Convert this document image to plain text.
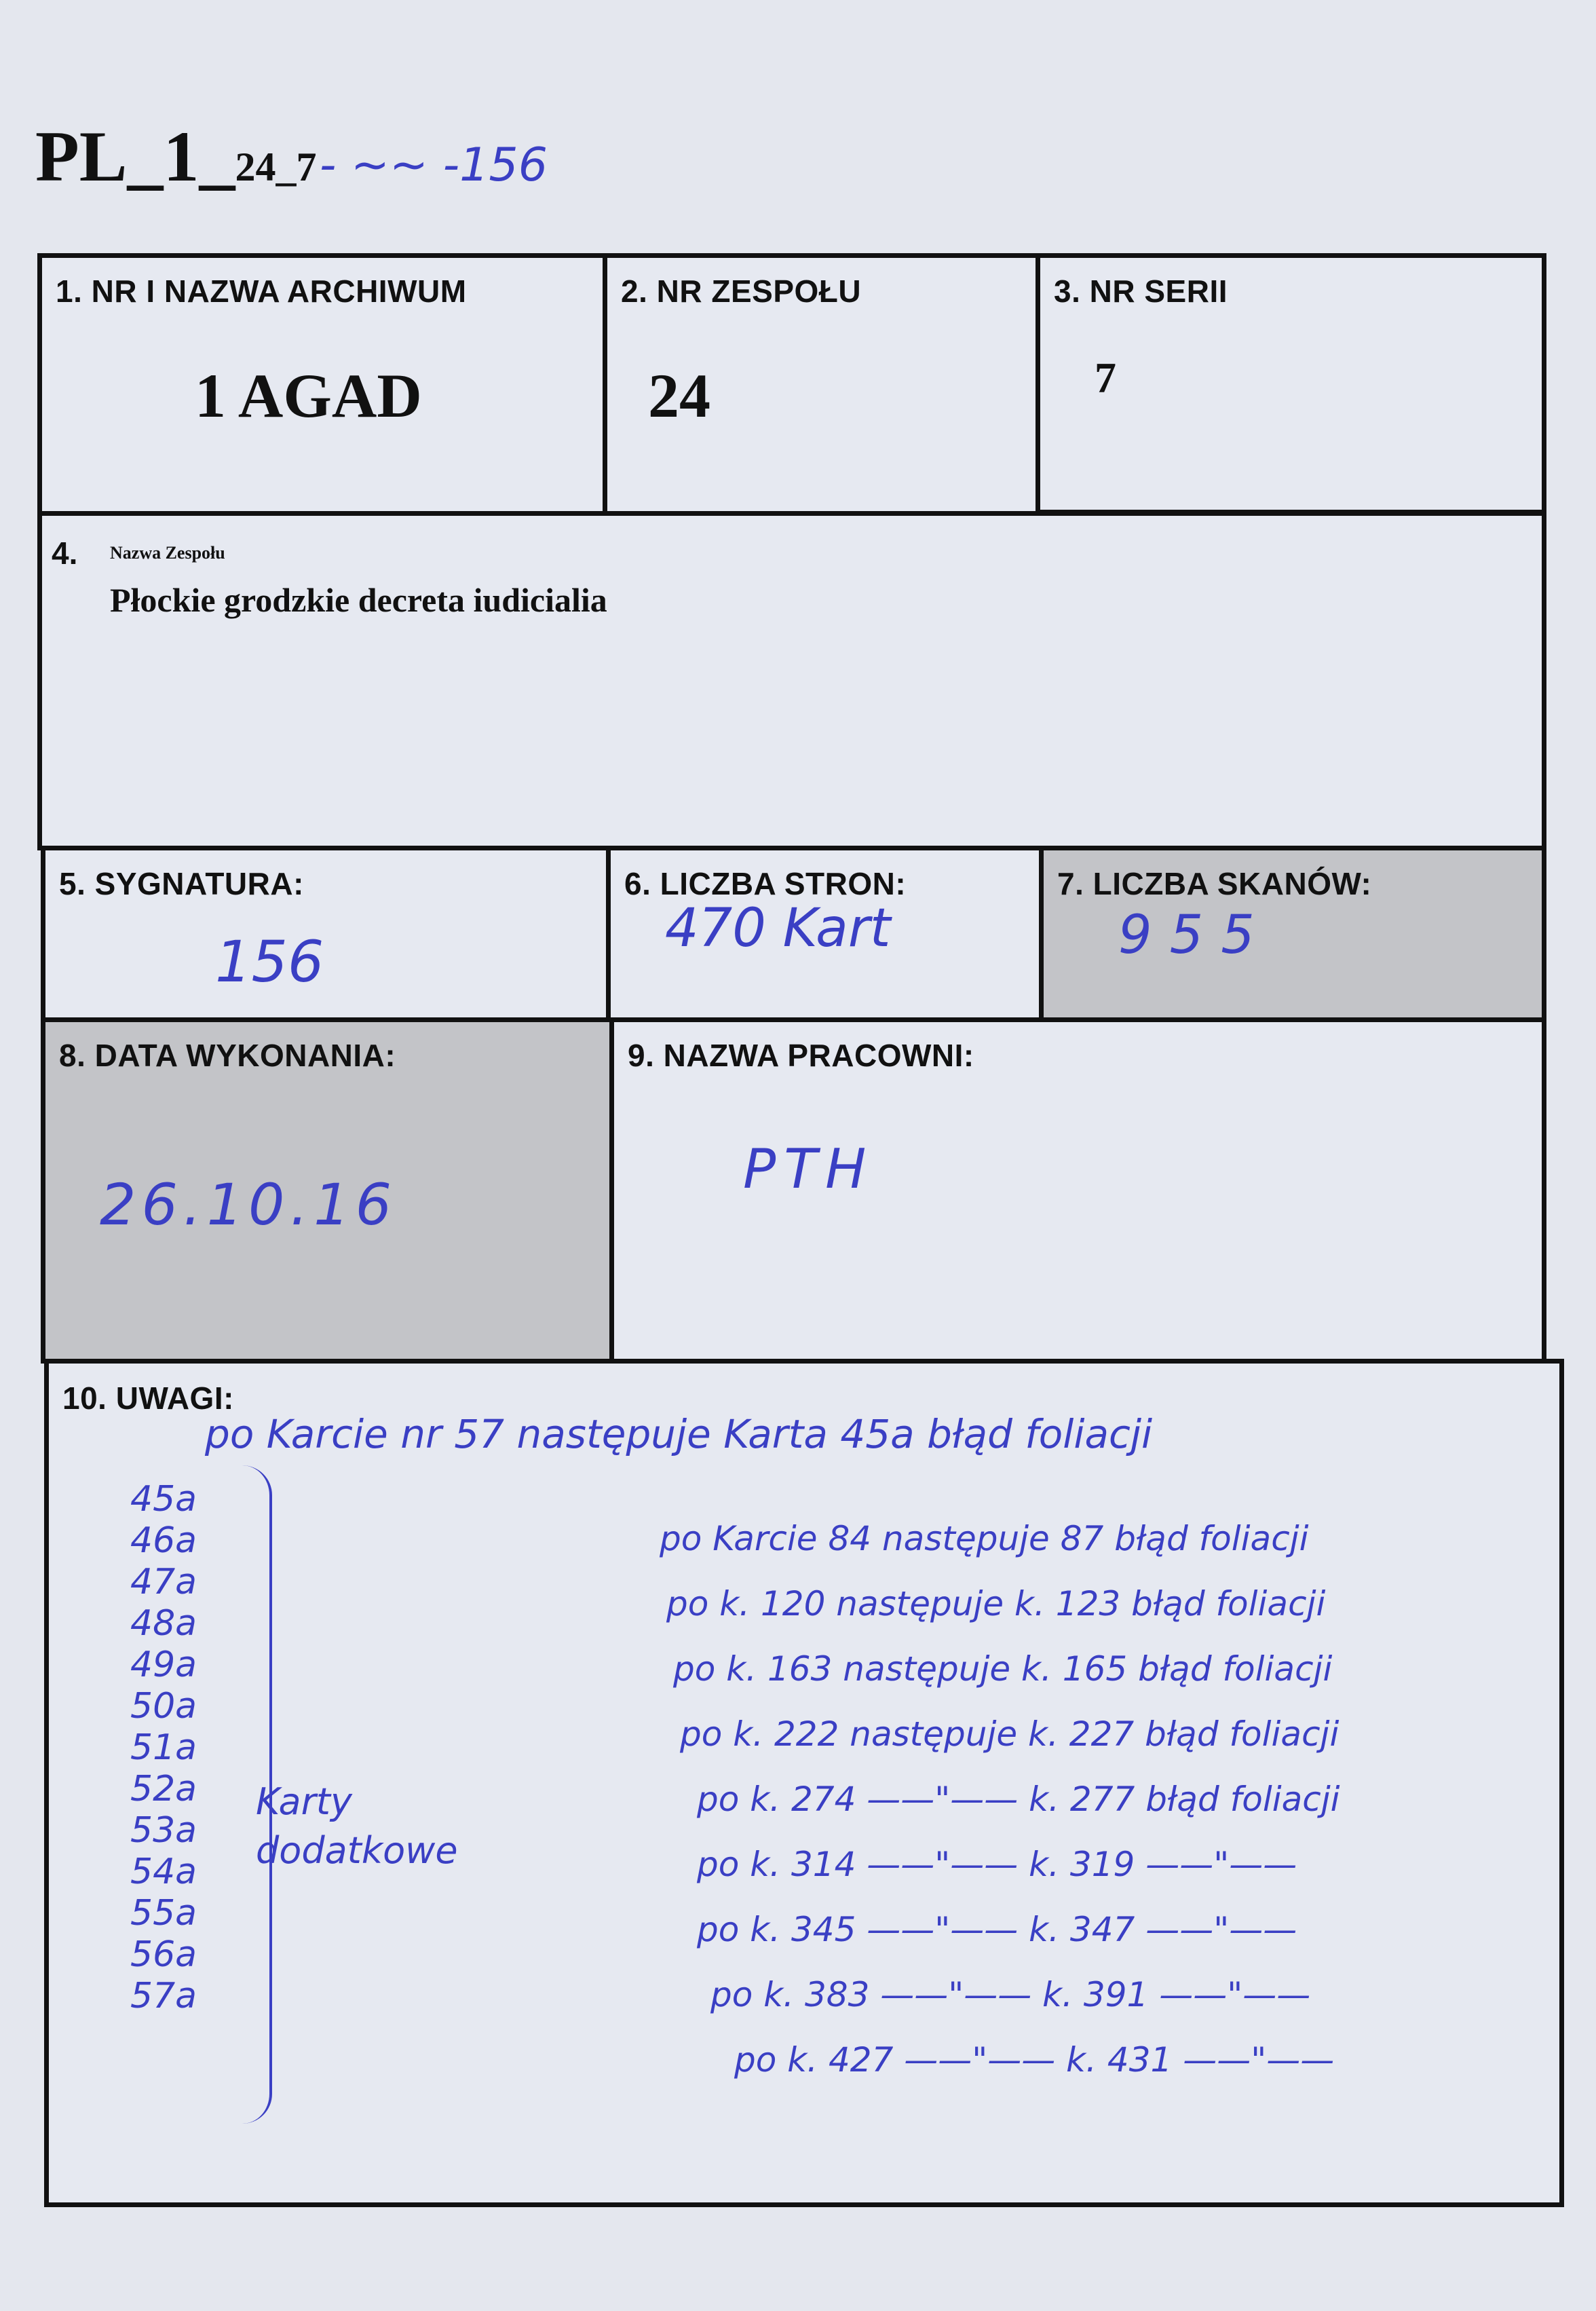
PL_1_24_7 - ~~ -156
1. NR I NAZWA ARCHIWUM
1 AGAD
2. NR ZESPOŁU
24
3. NR SERII
7
4. Nazwa Zespołu
Płockie grodzkie decreta iudicialia
5. SYGNATURA:
156
6. LICZBA STRON:
470 Kart
7. LICZBA SKANÓW:
955
8. DATA WYKONANIA:
26.10.16
9. NAZWA PRACOWNI:
PTH
10. UWAGI:
po Karcie nr 57 następuje Karta 45a błąd foliacji
45a
46a
47a
48a
49a
50a
51a
52a
53a
54a
55a
56a
57a
Karty
dodatkowe
po Karcie 84 następuje 87 błąd foliacji
po k. 120 następuje k. 123 błąd foliacji
po k. 163 następuje k. 165 błąd foliacji
po k. 222 następuje k. 227 błąd foliacji
po k. 274 ——"—— k. 277 błąd foliacji
po k. 314 ——"—— k. 319 ——"——
po k. 345 ——"—— k. 347 ——"——
po k. 383 ——"—— k. 391 ——"——
po k. 427 ——"—— k. 431 ——"——
